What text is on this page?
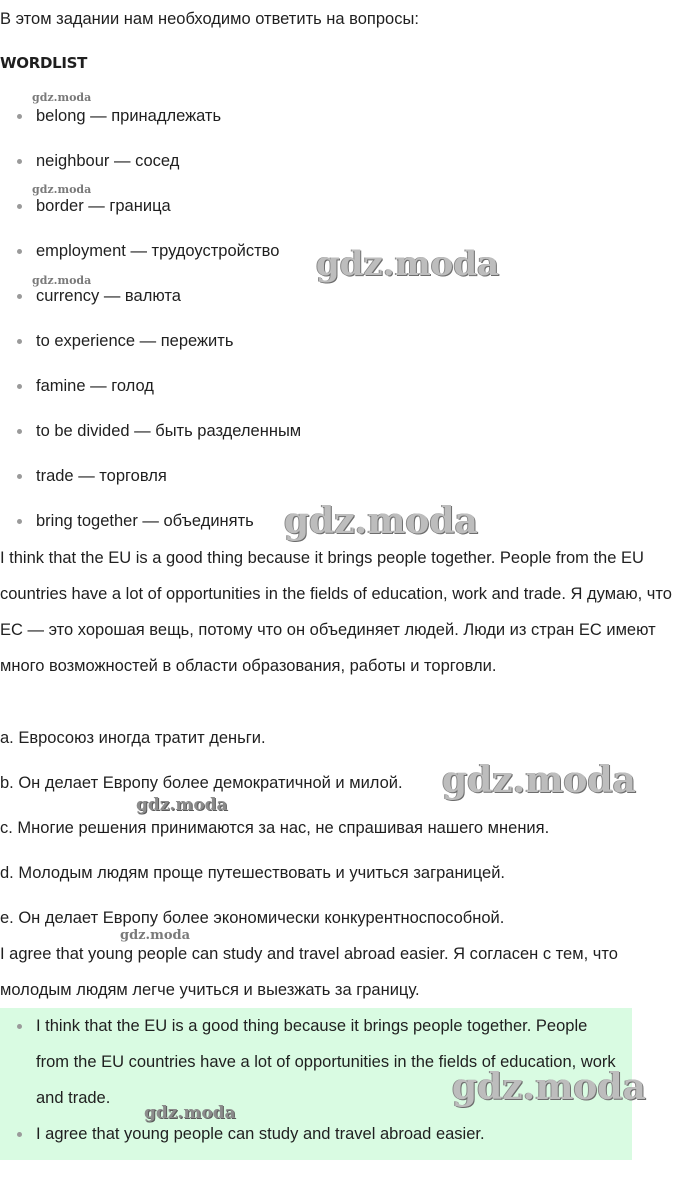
В этом задании нам необходимо ответить на вопросы:
WORDLIST
belong — принадлежать
neighbour — сосед
border — граница
employment — трудоустройство
currency — валюта
to experience — пережить
famine — голод
to be divided — быть разделенным
trade — торговля
bring together — объединять

I think that the EU is a good thing because it brings people together. People from the EU countries have a lot of opportunities in the fields of education, work and trade. Я думаю, что ЕС — это хорошая вещь, потому что он объединяет людей. Люди из стран ЕС имеют много возможностей в области образования, работы и торговли.

a. Евросоюз иногда тратит деньги.
b. Он делает Европу более демократичной и милой.
c. Многие решения принимаются за нас, не спрашивая нашего мнения.
d. Молодым людям проще путешествовать и учиться заграницей.
e. Он делает Европу более экономически конкурентноспособной.

I agree that young people can study and travel abroad easier. Я согласен с тем, что молодым людям легче учиться и выезжать за границу.

I think that the EU is a good thing because it brings people together. People from the EU countries have a lot of opportunities in the fields of education, work and trade.
I agree that young people can study and travel abroad easier.
gdz.moda
gdz.moda
gdz.moda	gdz.moda
gdz.moda
gdz.moda
gdz.moda
gdz.moda
gdz.moda
gdz.moda
